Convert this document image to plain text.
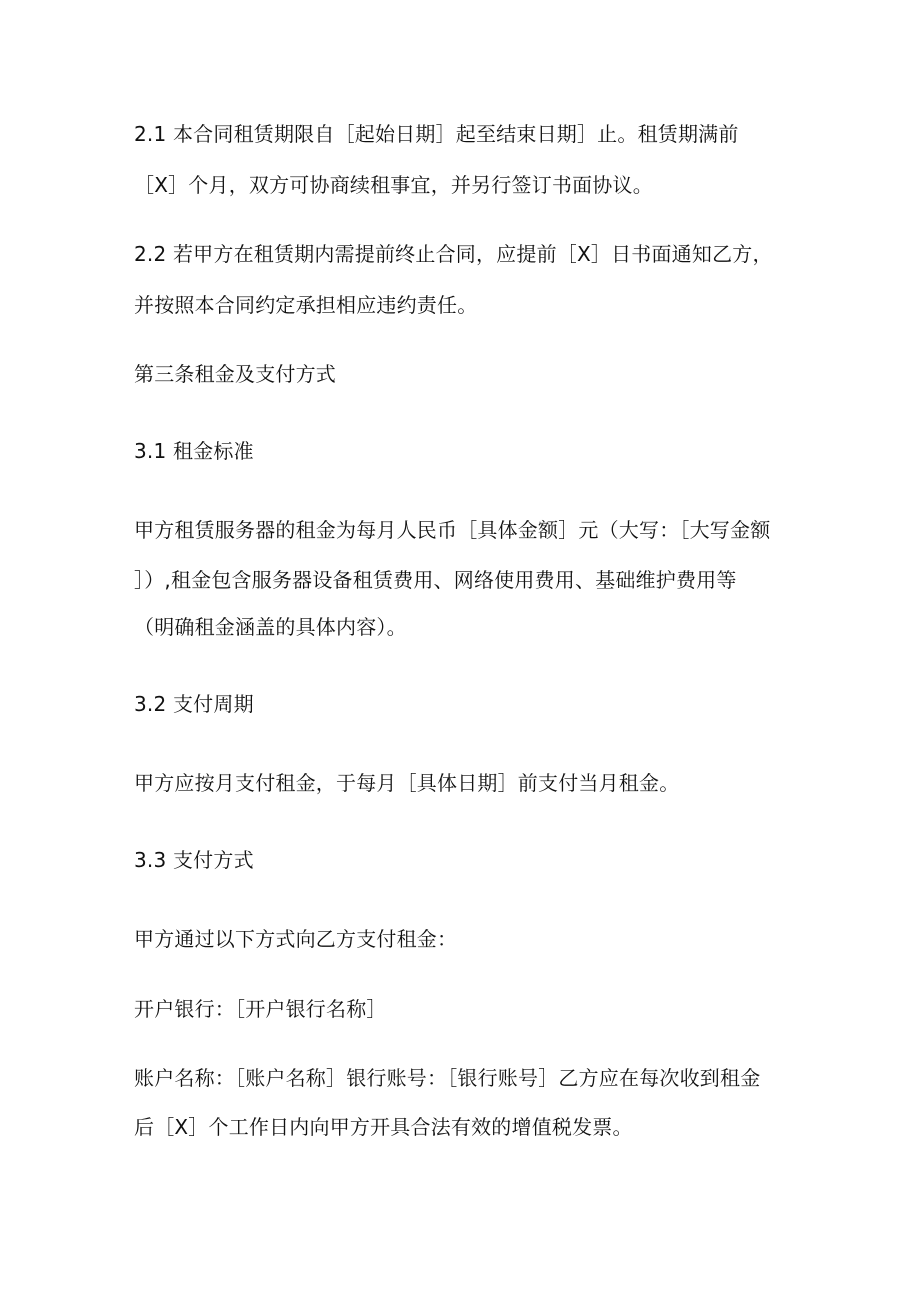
2.1 本合同租赁期限自［起始日期］起至结束日期］止。租赁期满前
［X］个月，双方可协商续租事宜，并另行签订书面协议。
2.2 若甲方在租赁期内需提前终止合同，应提前［X］日书面通知乙方，
并按照本合同约定承担相应违约责任。
第三条租金及支付方式
3.1 租金标准
甲方租赁服务器的租金为每月人民币［具体金额］元（大写：［大写金额
］）,租金包含服务器设备租赁费用、网络使用费用、基础维护费用等
（明确租金涵盖的具体内容）。
3.2 支付周期
甲方应按月支付租金，于每月［具体日期］前支付当月租金。
3.3 支付方式
甲方通过以下方式向乙方支付租金：
开户银行：［开户银行名称］
账户名称：［账户名称］银行账号：［银行账号］乙方应在每次收到租金
后［X］个工作日内向甲方开具合法有效的增值税发票。
